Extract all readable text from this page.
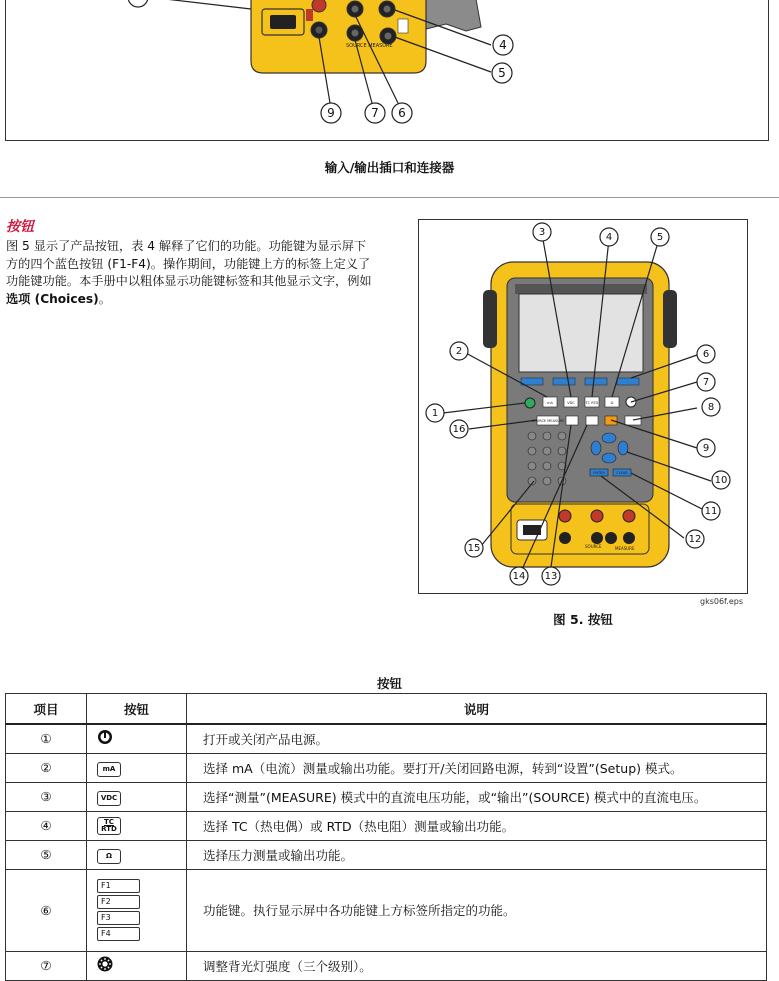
4
5
9	7 6
SOURCE MEASURE
输入/输出插口和连接器
按钮
图 5 显示了产品按钮，表 4 解释了它们的功能。功能键为显示屏下方的四个蓝色按钮 (F1-F4)。操作期间，功能键上方的标签上定义了功能键功能。本手册中以粗体显示功能键标签和其他显示文字，例如选项 (Choices)。
SOURCE	MEASURE
mA	VDC	TC RTD	Ω
SOURCE MEASURE
ENTER	CLEAR
1
2
3	4	5
6
7
8
9
10
11
12
13
14
15
16
gks06f.eps
图 5. 按钮
按钮
项目	按钮	说明
①		打开或关闭产品电源。
②	mA	选择 mA（电流）测量或输出功能。要打开/关闭回路电源，转到“设置”(Setup) 模式。
③	VDC	选择“测量”(MEASURE) 模式中的直流电压功能，或“输出”(SOURCE) 模式中的直流电压。
④	TC
RTD	选择 TC（热电偶）或 RTD（热电阻）测量或输出功能。
⑤	Ω	选择压力测量或输出功能。
⑥	F1
F2
F3
F4	功能键。执行显示屏中各功能键上方标签所指定的功能。
⑦		调整背光灯强度（三个级别）。
